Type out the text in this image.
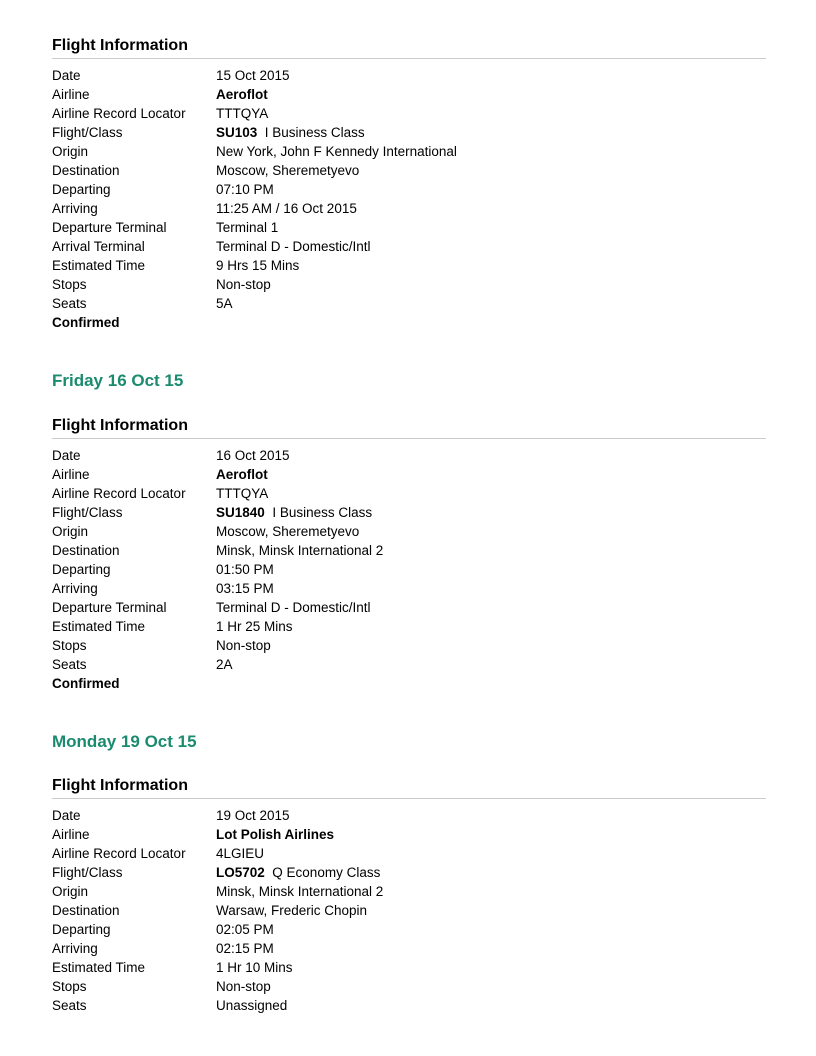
Flight Information
Date	15 Oct 2015
Airline	Aeroflot
Airline Record Locator	TTTQYA
Flight/Class	SU103 I Business Class
Origin	New York, John F Kennedy International
Destination	Moscow, Sheremetyevo
Departing	07:10 PM
Arriving	11:25 AM / 16 Oct 2015
Departure Terminal	Terminal 1
Arrival Terminal	Terminal D - Domestic/Intl
Estimated Time	9 Hrs 15 Mins
Stops	Non-stop
Seats	5A
Confirmed
Friday 16 Oct 15
Flight Information
Date	16 Oct 2015
Airline	Aeroflot
Airline Record Locator	TTTQYA
Flight/Class	SU1840 I Business Class
Origin	Moscow, Sheremetyevo
Destination	Minsk, Minsk International 2
Departing	01:50 PM
Arriving	03:15 PM
Departure Terminal	Terminal D - Domestic/Intl
Estimated Time	1 Hr 25 Mins
Stops	Non-stop
Seats	2A
Confirmed
Monday 19 Oct 15
Flight Information
Date	19 Oct 2015
Airline	Lot Polish Airlines
Airline Record Locator	4LGIEU
Flight/Class	LO5702 Q Economy Class
Origin	Minsk, Minsk International 2
Destination	Warsaw, Frederic Chopin
Departing	02:05 PM
Arriving	02:15 PM
Estimated Time	1 Hr 10 Mins
Stops	Non-stop
Seats	Unassigned
